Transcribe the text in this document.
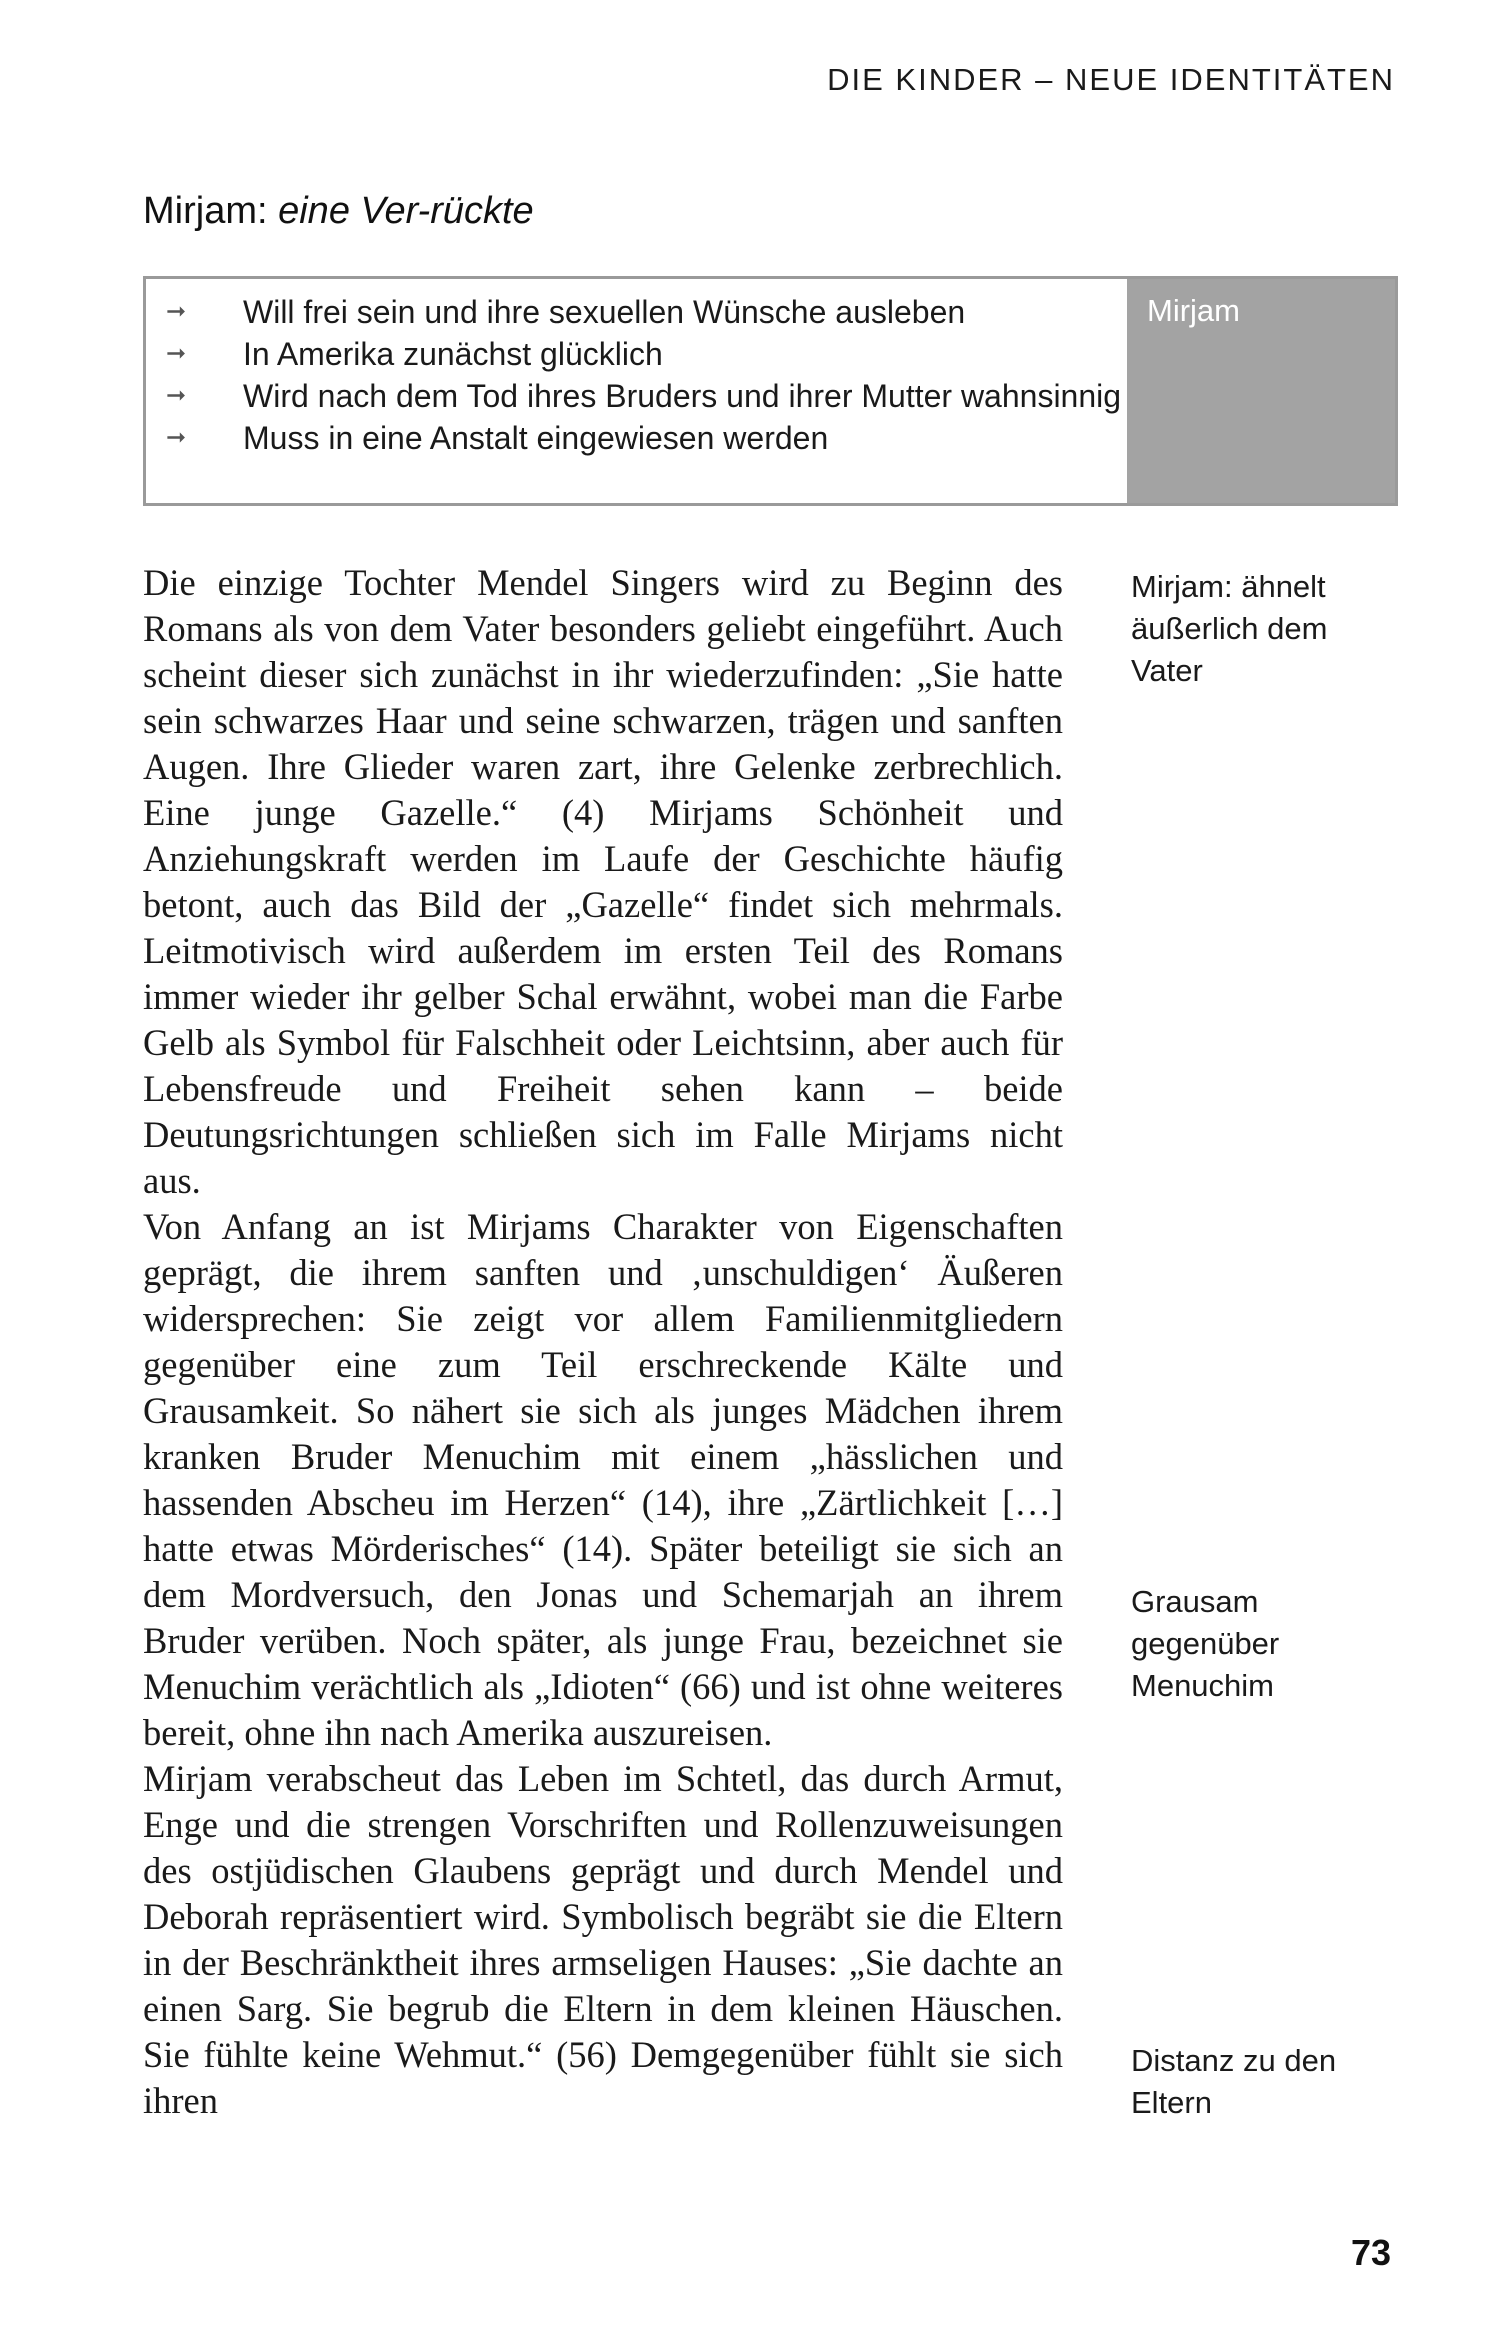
DIE KINDER – NEUE IDENTITÄTEN
Mirjam: eine Ver-rückte
➞ Will frei sein und ihre sexuellen Wünsche ausleben
➞ In Amerika zunächst glücklich
➞ Wird nach dem Tod ihres Bruders und ihrer Mutter wahnsinnig
➞ Muss in eine Anstalt eingewiesen werden
Mirjam

Die einzige Tochter Mendel Singers wird zu Beginn des Romans als von dem Vater besonders geliebt eingeführt. Auch scheint dieser sich zunächst in ihr wiederzufinden: „Sie hatte sein schwarzes Haar und seine schwarzen, trägen und sanften Augen. Ihre Glieder waren zart, ihre Gelenke zerbrechlich. Eine junge Gazelle.“ (4) Mirjams Schönheit und Anziehungskraft werden im Laufe der Geschichte häufig betont, auch das Bild der „Gazelle“ findet sich mehrmals. Leitmotivisch wird außerdem im ersten Teil des Romans immer wieder ihr gelber Schal erwähnt, wobei man die Farbe Gelb als Symbol für Falschheit oder Leichtsinn, aber auch für Lebensfreude und Freiheit sehen kann – beide Deutungsrichtungen schließen sich im Falle Mirjams nicht aus.

Von Anfang an ist Mirjams Charakter von Eigenschaften geprägt, die ihrem sanften und ‚unschuldigen‘ Äußeren widersprechen: Sie zeigt vor allem Familienmitgliedern gegenüber eine zum Teil erschreckende Kälte und Grausamkeit. So nähert sie sich als junges Mädchen ihrem kranken Bruder Menuchim mit einem „hässlichen und hassenden Abscheu im Herzen“ (14), ihre „Zärtlichkeit […] hatte etwas Mörderisches“ (14). Später beteiligt sie sich an dem Mordversuch, den Jonas und Schemarjah an ihrem Bruder verüben. Noch später, als junge Frau, bezeichnet sie Menuchim verächtlich als „Idioten“ (66) und ist ohne weiteres bereit, ohne ihn nach Amerika auszureisen.

Mirjam verabscheut das Leben im Schtetl, das durch Armut, Enge und die strengen Vorschriften und Rollenzuweisungen des ostjüdischen Glaubens geprägt und durch Mendel und Deborah repräsentiert wird. Symbolisch begräbt sie die Eltern in der Beschränktheit ihres armseligen Hauses: „Sie dachte an einen Sarg. Sie begrub die Eltern in dem kleinen Häuschen. Sie fühlte keine Wehmut.“ (56) Demgegenüber fühlt sie sich ihren

Mirjam: ähnelt äußerlich dem Vater
Grausam gegenüber Menuchim
Distanz zu den Eltern
73
